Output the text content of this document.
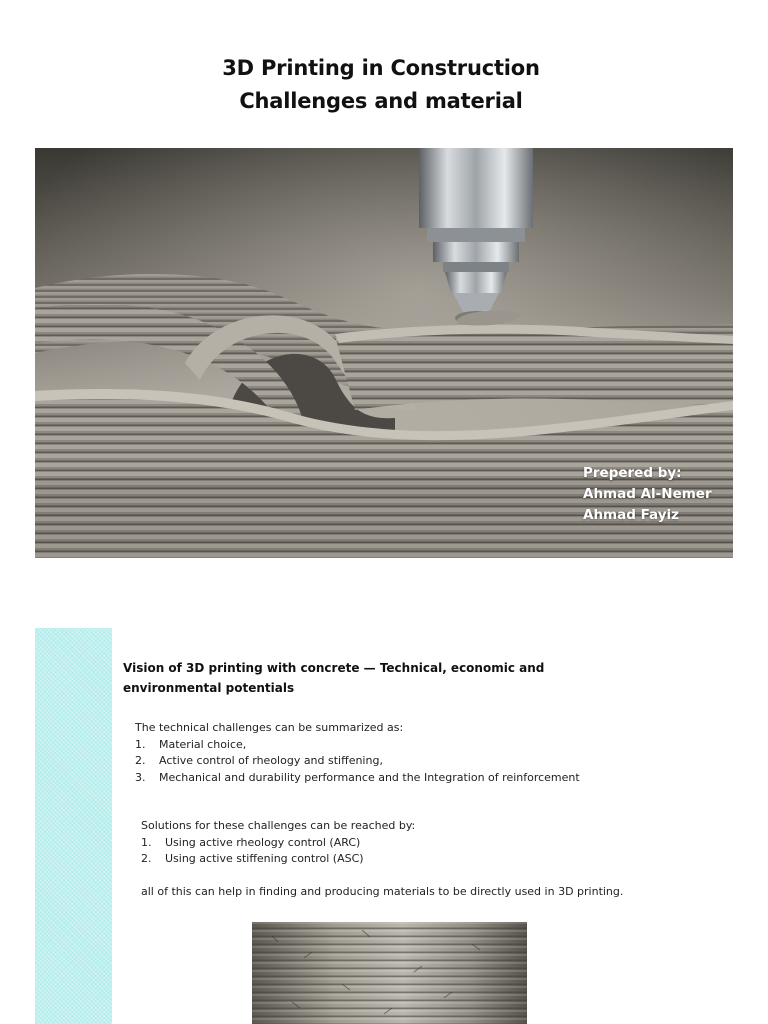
3D Printing in Construction
Challenges and material
Prepered by:
Ahmad Al-Nemer
Ahmad Fayiz
Vision of 3D printing with concrete — Technical, economic and
environmental potentials
The technical challenges can be summarized as:
1.	Material choice,
2.	Active control of rheology and stiffening,
3.	Mechanical and durability performance and the Integration of reinforcement
Solutions for these challenges can be reached by:
1.	Using active rheology control (ARC)
2.	Using active stiffening control (ASC)
all of this can help in finding and producing materials to be directly used in 3D printing.
